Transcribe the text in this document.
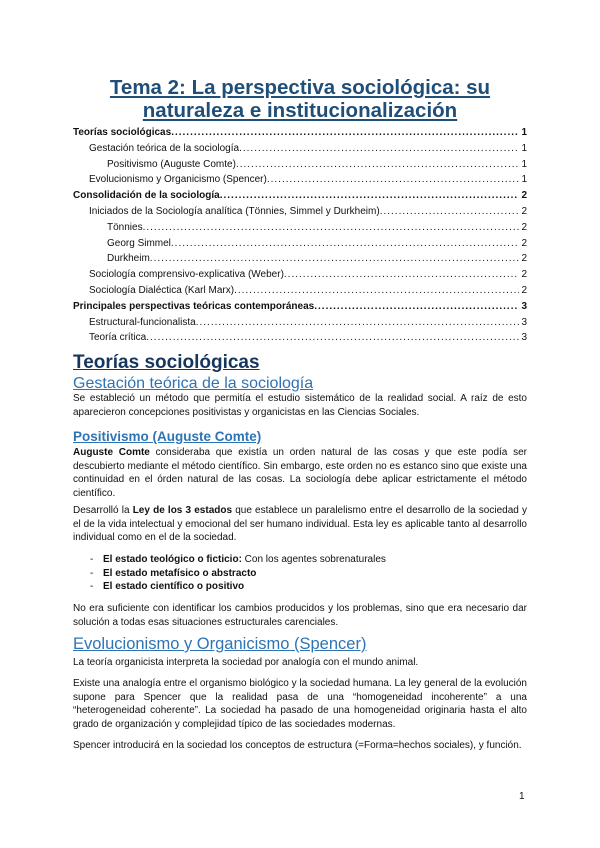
Tema 2: La perspectiva sociológica: su naturaleza e institucionalización
Teorías sociológicas .....	1
Gestación teórica de la sociología .....	1
Positivismo (Auguste Comte) .....	1
Evolucionismo y Organicismo (Spencer) .....	1
Consolidación de la sociología .....	2
Iniciados de la Sociología analítica (Tönnies, Simmel y Durkheim) .....	2
Tönnies .....	2
Georg Simmel .....	2
Durkheim .....	2
Sociología comprensivo-explicativa (Weber) .....	2
Sociología Dialéctica (Karl Marx) .....	2
Principales perspectivas teóricas contemporáneas .....	3
Estructural-funcionalista .....	3
Teoría crítica .....	3
Teorías sociológicas
Gestación teórica de la sociología

Se estableció un método que permitía el estudio sistemático de la realidad social. A raíz de esto aparecieron concepciones positivistas y organicistas en las Ciencias Sociales.

Positivismo (Auguste Comte)

Auguste Comte consideraba que existía un orden natural de las cosas y que este podía ser descubierto mediante el método científico. Sin embargo, este orden no es estanco sino que existe una continuidad en el órden natural de las cosas. La sociología debe aplicar estrictamente el método científico.

Desarrolló la Ley de los 3 estados que establece un paralelismo entre el desarrollo de la sociedad y el de la vida intelectual y emocional del ser humano individual. Esta ley es aplicable tanto al desarrollo individual como en el de la sociedad.

- El estado teológico o ficticio: Con los agentes sobrenaturales
- El estado metafísico o abstracto
- El estado científico o positivo

No era suficiente con identificar los cambios producidos y los problemas, sino que era necesario dar solución a todas esas situaciones estructurales carenciales.

Evolucionismo y Organicismo (Spencer)

La teoría organicista interpreta la sociedad por analogía con el mundo animal.

Existe una analogía entre el organismo biológico y la sociedad humana. La ley general de la evolución supone para Spencer que la realidad pasa de una “homogeneidad incoherente” a una “heterogeneidad coherente”. La sociedad ha pasado de una homogeneidad originaria hasta el alto grado de organización y complejidad típico de las sociedades modernas.

Spencer introducirá en la sociedad los conceptos de estructura (=Forma=hechos sociales), y función.

1
